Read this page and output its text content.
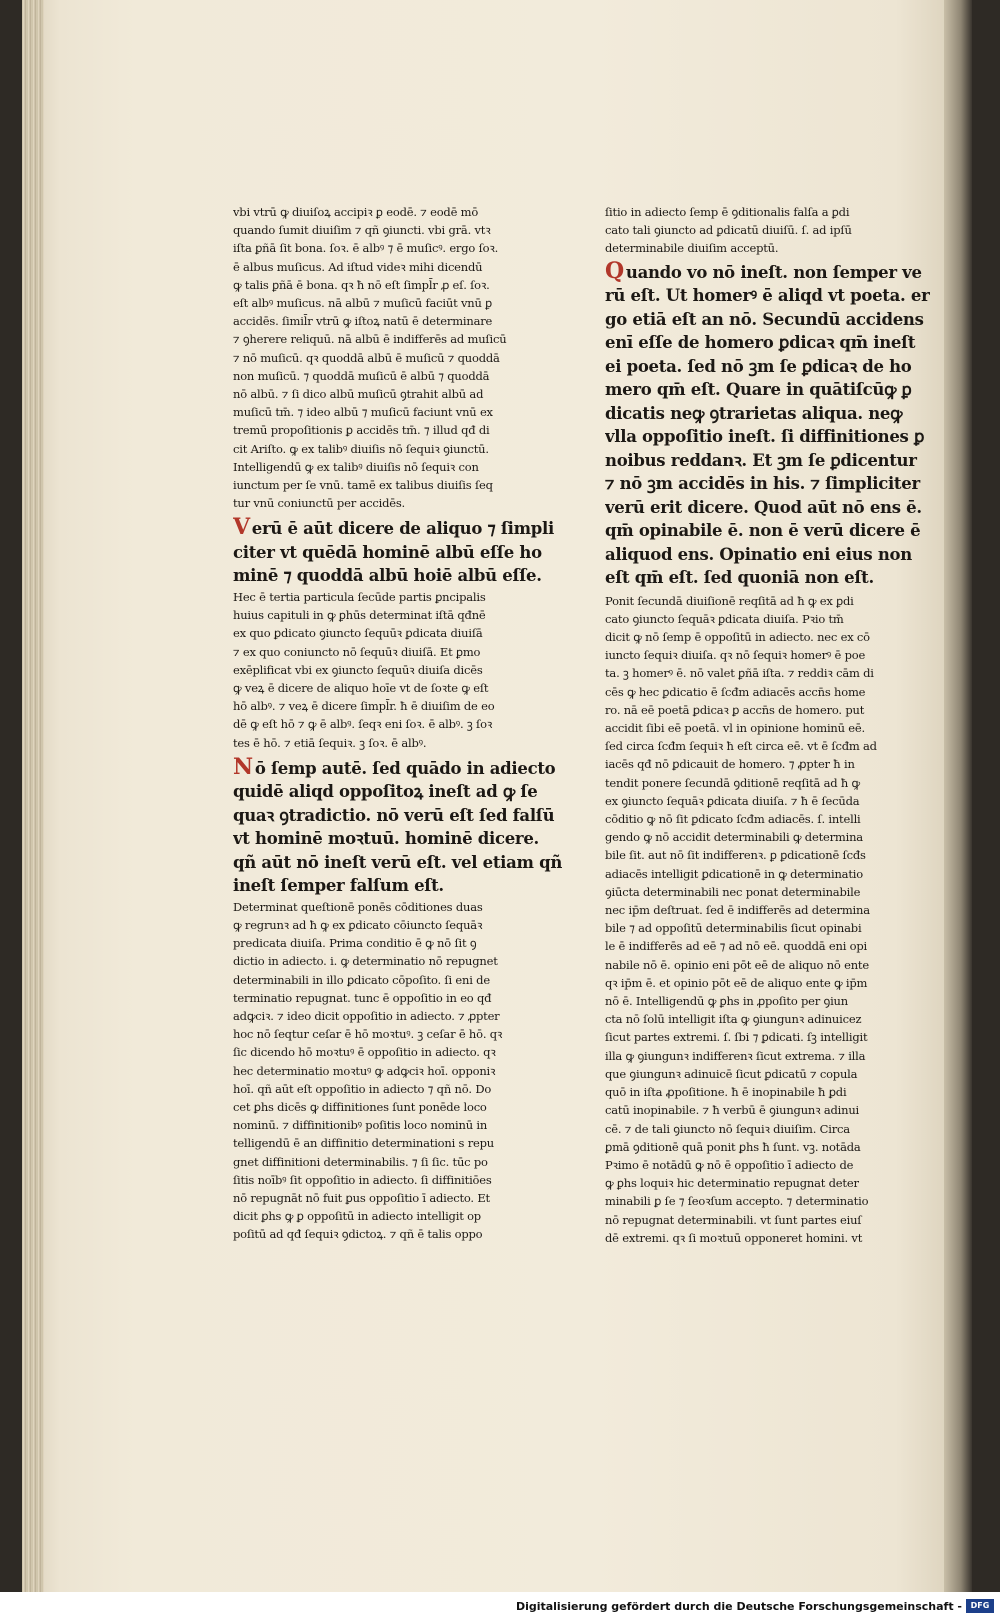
vbi vtrū ꝙ diuiſoꝝ accipiꝛ ꝑ eodē. ⁊ eodē mō
quando ſumit diuiſim ⁊ qñ ꝯiuncti. vbi grā. vtꝛ
iſta ꝑñā ſit bona. ſoꝛ. ē albꝰ ⁊ ē muſicꝰ. ergo ſoꝛ.
ē albus muſicus. Ad iſtud videꝛ mihi dicendū
ꝙ talis ꝑñā ē bona. qꝛ ħ nō eſt ſimpl̄r ꝓ eſ. ſoꝛ.
eſt albꝰ muſicus. nā albū ⁊ muſicū faciūt vnū ꝑ
accidēs. ſimil̄r vtrū ꝙ iſtoꝝ natū ē determinare
⁊ ꝯherere reliquū. nā albū ē indifferēs ad muſicū
⁊ nō muſicū. qꝛ quoddā albū ē muſicū ⁊ quoddā
non muſicū. ⁊ quoddā muſicū ē albū ⁊ quoddā
nō albū. ⁊ ſi dico albū muſicū ꝯtrahit albū ad
muſicū tm̄. ⁊ ideo albū ⁊ muſicū faciunt vnū ex
tremū propoſitionis ꝑ accidēs tm̄. ⁊ illud qđ di
cit Ariſto. ꝙ ex talibꝰ diuiſis nō ſequiꝛ ꝯiunctū.
Intelligendū ꝙ ex talibꝰ diuiſis nō ſequiꝛ con
iunctum per ſe vnū. tamē ex talibus diuiſis ſeq
tur vnū coniunctū per accidēs.
V erū ē aūt dicere de aliquo ⁊ ſimpli
citer vt quēdā hominē albū eſſe ho
minē ⁊ quoddā albū hoiē albū eſſe.
Hec ē tertia particula ſecūde partis ꝑncipalis
huius capituli in ꝙ ꝑhūs determinat iſtā qđnē
ex quo ꝑdicato ꝯiuncto ſequūꝛ ꝑdicata diuiſā
⁊ ex quo coniuncto nō ſequūꝛ diuiſā. Et ꝑmo
exēplificat vbi ex ꝯiuncto ſequūꝛ diuiſa dicēs
ꝙ veꝝ ē dicere de aliquo hoīe vt de ſoꝛte ꝙ eſt
hō albꝰ. ⁊ veꝝ ē dicere ſimpl̄r. ħ ē diuiſim de eo
dē ꝙ eſt hō ⁊ ꝙ ē albꝰ. ſeqꝛ eni ſoꝛ. ē albꝰ. ꝫ ſoꝛ
tes ē hō. ⁊ etiā ſequiꝛ. ꝫ ſoꝛ. ē albꝰ.
N ō ſemp autē. ſed quādo in adiecto
quidē aliqd oppoſitoꝝ ineſt ad ꝙ ſe
quaꝛ ꝯtradictio. nō verū eſt ſed falſū
vt hominē moꝛtuū. hominē dicere.
qñ aūt nō ineſt verū eſt. vel etiam qñ
ineſt ſemper falſum eſt.
Determinat queſtionē ponēs cōditiones duas
ꝙ regrunꝛ ad ħ ꝙ ex ꝑdicato cōiuncto ſequāꝛ
predicata diuiſa. Prima conditio ē ꝙ nō ſit ꝯ
dictio in adiecto. i. ꝙ determinatio nō repugnet
determinabili in illo ꝑdicato cōpoſito. ſi eni de
terminatio repugnat. tunc ē oppoſitio in eo qđ
adꝙciꝛ. ⁊ ideo dicit oppoſitio in adiecto. ⁊ ꝓpter
hoc nō ſeqtur ceſar ē hō moꝛtuꝰ. ꝫ ceſar ē hō. qꝛ
ſic dicendo hō moꝛtuꝰ ē oppoſitio in adiecto. qꝛ
hec determinatio moꝛtuꝰ ꝙ adꝙciꝛ hoī. opponiꝛ
hoī. qñ aūt eſt oppoſitio in adiecto ⁊ qñ nō. Do
cet ꝑhs dicēs ꝙ diffinitiones ſunt ponēde loco
nominū. ⁊ diffinitionibꝰ poſitis loco nominū in
telligendū ē an diffinitio determinationi s repu
gnet diffinitioni determinabilis. ⁊ ſi ſic. tūc po
ſitis noībꝰ ſit oppoſitio in adiecto. ſi diffinitiōes
nō repugnāt nō fuit ꝑus oppoſitio ī adiecto. Et
dicit ꝑhs ꝙ ꝑ oppoſitū in adiecto intelligit op
poſitū ad qđ ſequiꝛ ꝯdictoꝝ. ⁊ qñ ē talis oppo
ſitio in adiecto ſemp ē ꝯditionalis falſa a ꝑdi
cato tali ꝯiuncto ad ꝑdicatū diuiſū. ſ. ad ipſū
determinabile diuiſim acceptū.
Q uando vo nō ineſt. non ſemper ve
rū eſt. Ut homerꝰ ē aliqd vt poeta. er
go etiā eſt an nō. Secundū accidens
enī eſſe de homero ꝑdicaꝛ qm̄ ineſt
ei poeta. ſed nō ꝫm ſe ꝑdicaꝛ de ho
mero qm̄ eſt. Quare in quātiſcūꝙ ꝑ
dicatis neꝙ ꝯtrarietas aliqua. neꝙ
vlla oppoſitio ineſt. ſi diffinitiones ꝑ
noibus reddanꝛ. Et ꝫm ſe ꝑdicentur
⁊ nō ꝫm accidēs in his. ⁊ ſimpliciter
verū erit dicere. Quod aūt nō ens ē.
qm̄ opinabile ē. non ē verū dicere ē
aliquod ens. Opinatio eni eius non
eſt qm̄ eſt. ſed quoniā non eſt.
Ponit ſecundā diuiſionē reqſitā ad ħ ꝙ ex ꝑdi
cato ꝯiuncto ſequāꝛ ꝑdicata diuiſa. Pꝛio tm̄
dicit ꝙ nō ſemp ē oppoſitū in adiecto. nec ex cō
iuncto ſequiꝛ diuiſa. qꝛ nō ſequiꝛ homerꝰ ē poe
ta. ꝫ homerꝰ ē. nō valet ꝑñā iſta. ⁊ reddiꝛ cām di
cēs ꝙ hec ꝑdicatio ē ſcđm adiacēs accn̄s home
ro. nā eē poetā ꝑdicaꝛ ꝑ accn̄s de homero. put
accidit ſibi eē poetā. vl in opinione hominū eē.
ſed circa ſcđm ſequiꝛ ħ eſt circa eē. vt ē ſcđm ad
iacēs qđ nō ꝑdicauit de homero. ⁊ ꝓpter ħ in
tendit ponere ſecundā ꝯditionē reqſitā ad ħ ꝙ
ex ꝯiuncto ſequāꝛ ꝑdicata diuiſa. ⁊ ħ ē ſecūda
cōditio ꝙ nō ſit ꝑdicato ſcđm adiacēs. ſ. intelli
gendo ꝙ nō accidit determinabili ꝙ determina
bile ſit. aut nō ſit indifferenꝛ. ꝑ ꝑdicationē ſcđs
adiacēs intelligit ꝑdicationē in ꝙ determinatio
ꝯiūcta determinabili nec ponat determinabile
nec ip̄m deſtruat. ſed ē indifferēs ad determina
bile ⁊ ad oppoſitū determinabilis ſicut opinabi
le ē indifferēs ad eē ⁊ ad nō eē. quoddā eni opi
nabile nō ē. opinio eni pōt eē de aliquo nō ente
qꝛ ip̄m ē. et opinio pōt eē de aliquo ente ꝙ ip̄m
nō ē. Intelligendū ꝙ ꝑhs in ꝓpoſito per ꝯiun
cta nō ſolū intelligit iſta ꝙ ꝯiungunꝛ adinuicez
ſicut partes extremi. ſ. ſbi ⁊ ꝑdicati. ſꝫ intelligit
illa ꝙ ꝯiungunꝛ indifferenꝛ ſicut extrema. ⁊ illa
que ꝯiungunꝛ adinuicē ſicut ꝑdicatū ⁊ copula
quō in iſta ꝓpoſitione. ħ ē inopinabile ħ ꝑdi
catū inopinabile. ⁊ ħ verbū ē ꝯiungunꝛ adinui
cē. ⁊ de tali ꝯiuncto nō ſequiꝛ diuiſim. Circa
ꝑmā ꝯditionē quā ponit ꝑhs ħ ſunt. vꝫ. notāda
Pꝛimo ē notādū ꝙ nō ē oppoſitio ī adiecto de
ꝙ ꝑhs loquiꝛ hic determinatio repugnat deter
minabili ꝑ ſe ⁊ ſeoꝛſum accepto. ⁊ determinatio
nō repugnat determinabili. vt ſunt partes eiuſ
dē extremi. qꝛ ſi moꝛtuū opponeret homini. vt
Digitalisierung gefördert durch die Deutsche Forschungsgemeinschaft -	DFG
